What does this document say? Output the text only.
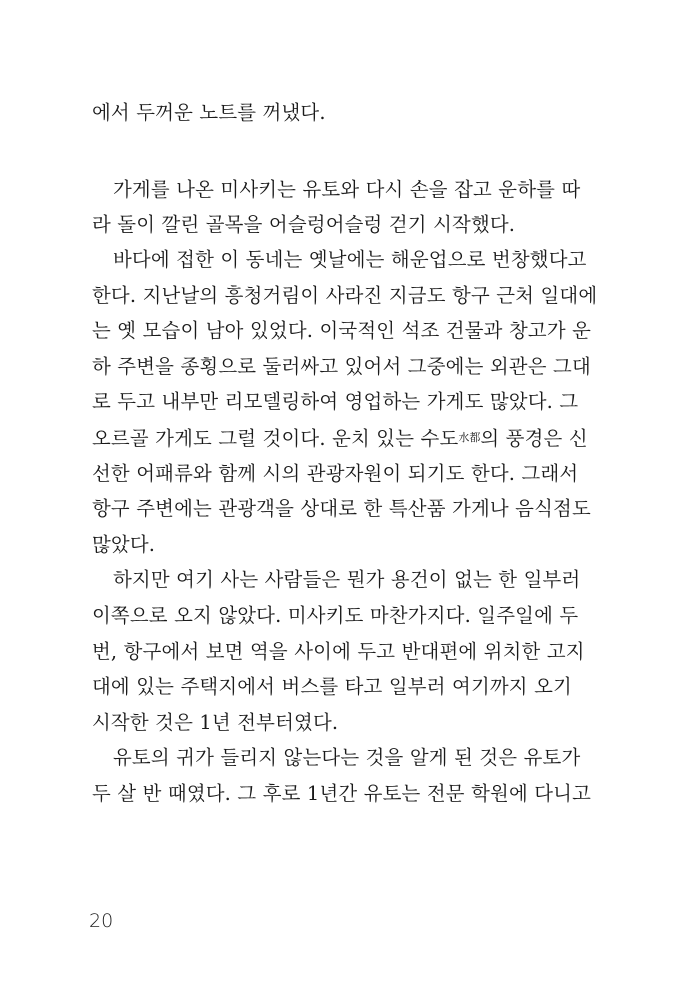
에서 두꺼운 노트를 꺼냈다.
가게를 나온 미사키는 유토와 다시 손을 잡고 운하를 따
라 돌이 깔린 골목을 어슬렁어슬렁 걷기 시작했다.
바다에 접한 이 동네는 옛날에는 해운업으로 번창했다고
한다. 지난날의 흥청거림이 사라진 지금도 항구 근처 일대에
는 옛 모습이 남아 있었다. 이국적인 석조 건물과 창고가 운
하 주변을 종횡으로 둘러싸고 있어서 그중에는 외관은 그대
로 두고 내부만 리모델링하여 영업하는 가게도 많았다. 그
오르골 가게도 그럴 것이다. 운치 있는 수도$^{水都}$의 풍경은 신
선한 어패류와 함께 시의 관광자원이 되기도 한다. 그래서
항구 주변에는 관광객을 상대로 한 특산품 가게나 음식점도
많았다.
하지만 여기 사는 사람들은 뭔가 용건이 없는 한 일부러
이쪽으로 오지 않았다. 미사키도 마찬가지다. 일주일에 두
번, 항구에서 보면 역을 사이에 두고 반대편에 위치한 고지
대에 있는 주택지에서 버스를 타고 일부러 여기까지 오기
시작한 것은 1년 전부터였다.
유토의 귀가 들리지 않는다는 것을 알게 된 것은 유토가
두 살 반 때였다. 그 후로 1년간 유토는 전문 학원에 다니고
20
